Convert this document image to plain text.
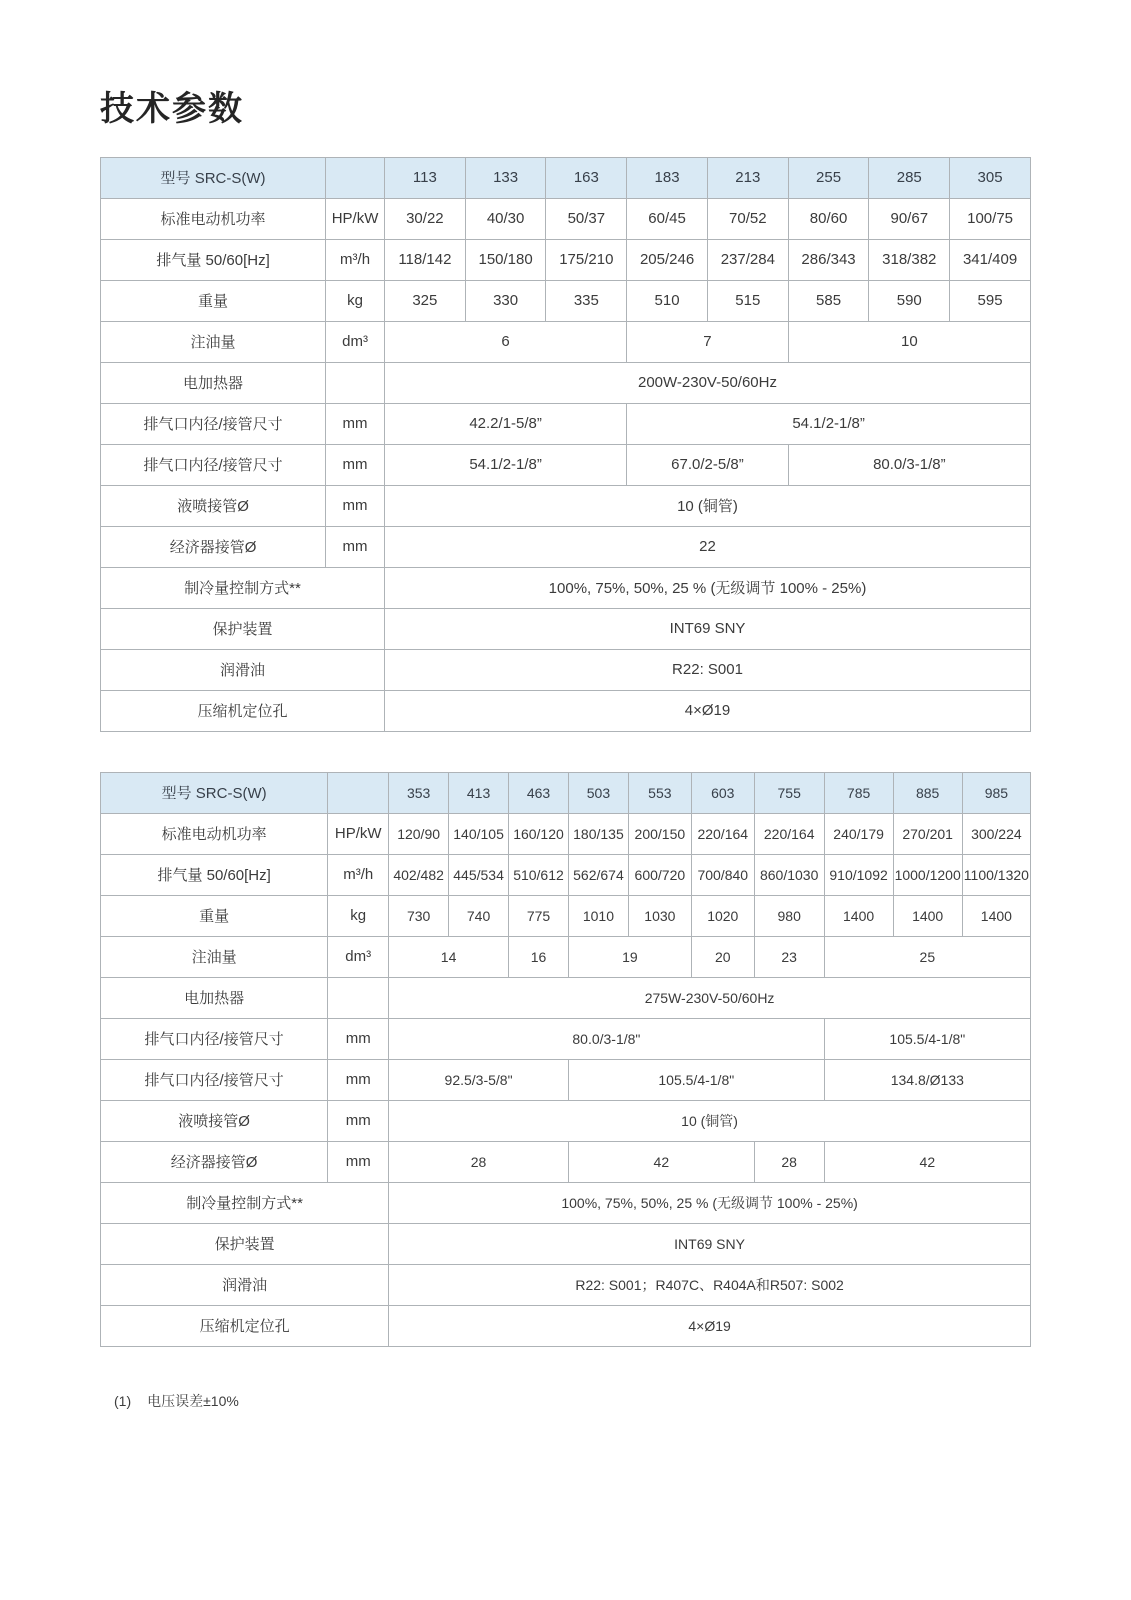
技术参数
型号 SRC-S(W)		113	133	163	183	213	255	285	305
标准电动机功率	HP/kW	30/22	40/30	50/37	60/45	70/52	80/60	90/67	100/75
排气量 50/60[Hz]	m³/h	118/142	150/180	175/210	205/246	237/284	286/343	318/382	341/409
重量	kg	325	330	335	510	515	585	590	595
注油量	dm³	6			7		10		
电加热器		200W-230V-50/60Hz							
排气口内径/接管尺寸	mm	42.2/1-5/8”			54.1/2-1/8”				
排气口内径/接管尺寸	mm	54.1/2-1/8”			67.0/2-5/8”		80.0/3-1/8”		
液喷接管Ø	mm	10 (铜管)							
经济器接管Ø	mm	22							
制冷量控制方式**		100%, 75%, 50%, 25 % (无级调节 100% - 25%)							
保护装置		INT69 SNY							
润滑油		R22: S001							
压缩机定位孔		4×Ø19							
型号 SRC-S(W)		353	413	463	503	553	603	755	785	885	985
标准电动机功率	HP/kW	120/90	140/105	160/120	180/135	200/150	220/164	220/164	240/179	270/201	300/224
排气量 50/60[Hz]	m³/h	402/482	445/534	510/612	562/674	600/720	700/840	860/1030	910/1092	1000/1200	1100/1320
重量	kg	730	740	775	1010	1030	1020	980	1400	1400	1400
注油量	dm³	14		16	19		20	23	25		
电加热器		275W-230V-50/60Hz									
排气口内径/接管尺寸	mm	80.0/3-1/8"							105.5/4-1/8"		
排气口内径/接管尺寸	mm	92.5/3-5/8"			105.5/4-1/8"				134.8/Ø133		
液喷接管Ø	mm	10 (铜管)									
经济器接管Ø	mm	28			42			28	42		
制冷量控制方式**		100%, 75%, 50%, 25 % (无级调节 100% - 25%)									
保护装置		INT69 SNY									
润滑油		R22: S001；R407C、R404A和R507: S002									
压缩机定位孔		4×Ø19									
(1) 电压误差±10%
